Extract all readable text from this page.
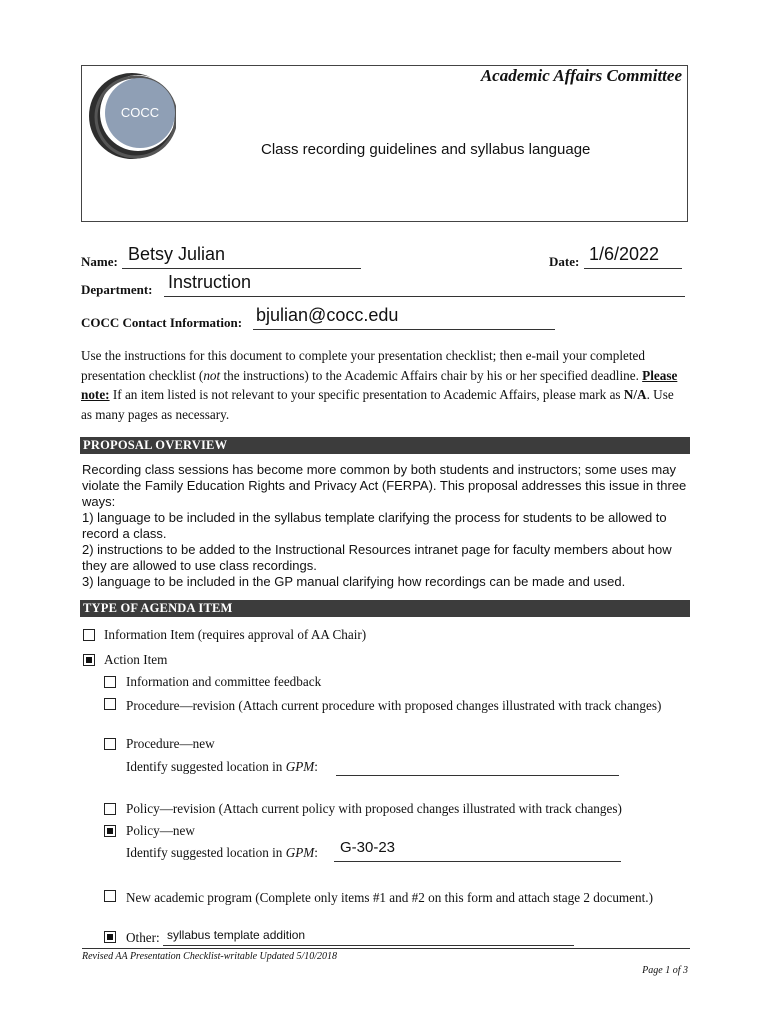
COCC
Academic Affairs Committee
Class recording guidelines and syllabus language
Name: Betsy Julian	Date: 1/6/2022
Department: Instruction
COCC Contact Information: bjulian@cocc.edu
Use the instructions for this document to complete your presentation checklist; then e-mail your completed presentation checklist (not the instructions) to the Academic Affairs chair by his or her specified deadline. Please note: If an item listed is not relevant to your specific presentation to Academic Affairs, please mark as N/A. Use as many pages as necessary.
PROPOSAL OVERVIEW
Recording class sessions has become more common by both students and instructors; some uses may violate the Family Education Rights and Privacy Act (FERPA). This proposal addresses this issue in three ways:
1) language to be included in the syllabus template clarifying the process for students to be allowed to record a class.
2) instructions to be added to the Instructional Resources intranet page for faculty members about how they are allowed to use class recordings.
3) language to be included in the GP manual clarifying how recordings can be made and used.
TYPE OF AGENDA ITEM
Information Item (requires approval of AA Chair)
Action Item
Information and committee feedback
Procedure—revision (Attach current procedure with proposed changes illustrated with track changes)
Procedure—new
Identify suggested location in GPM:
Policy—revision (Attach current policy with proposed changes illustrated with track changes)
Policy—new
Identify suggested location in GPM: G-30-23
New academic program (Complete only items #1 and #2 on this form and attach stage 2 document.)
Other: syllabus template addition
Revised AA Presentation Checklist-writable Updated 5/10/2018
Page 1 of 3
